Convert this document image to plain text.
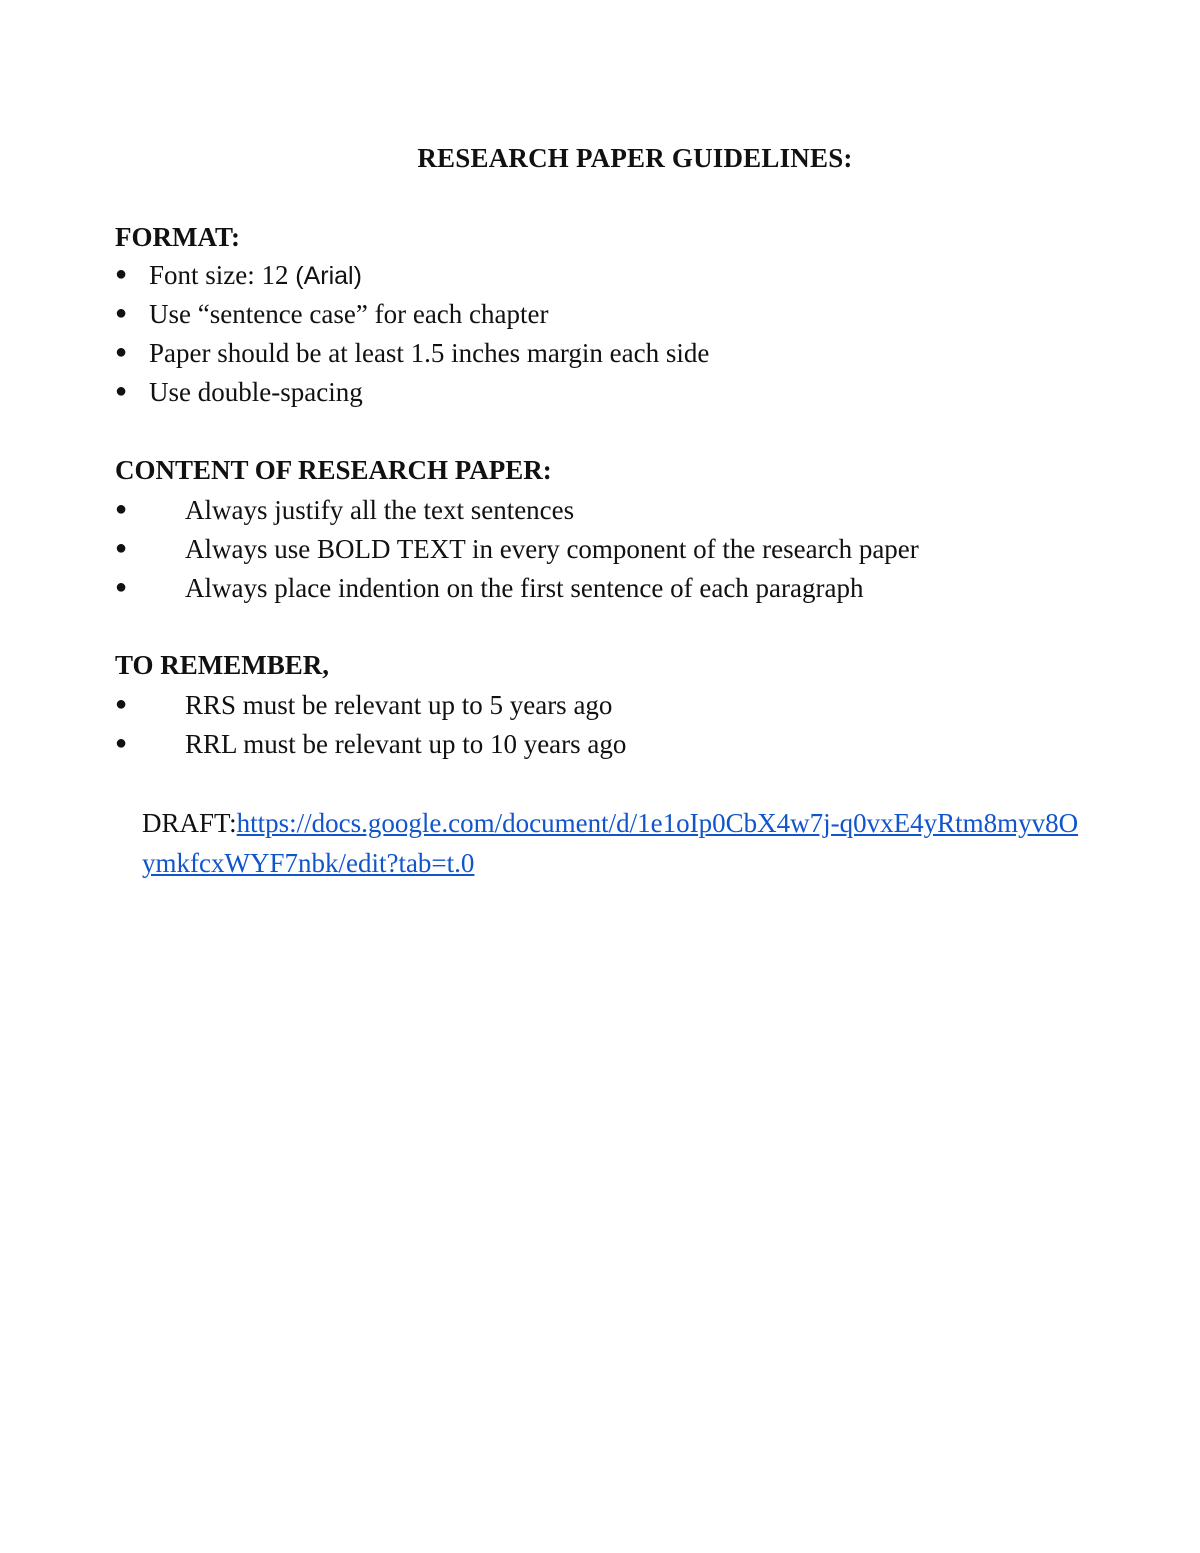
RESEARCH PAPER GUIDELINES:
FORMAT:
● Font size: 12 (Arial)
● Use “sentence case” for each chapter
● Paper should be at least 1.5 inches margin each side
● Use double-spacing
CONTENT OF RESEARCH PAPER:
● Always justify all the text sentences
● Always use BOLD TEXT in every component of the research paper
● Always place indention on the first sentence of each paragraph
TO REMEMBER,
● RRS must be relevant up to 5 years ago
● RRL must be relevant up to 10 years ago
DRAFT:https://docs.google.com/document/d/1e1oIp0CbX4w7j-q0vxE4yRtm8myv8OymkfcxWYF7nbk/edit?tab=t.0
